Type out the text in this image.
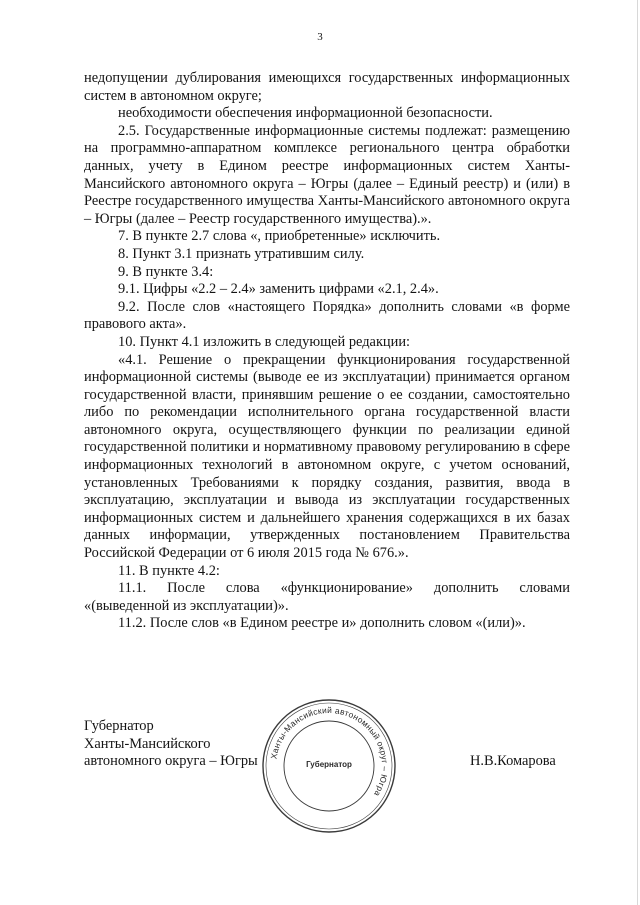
3

недопущении дублирования имеющихся государственных информационных систем в автономном округе;

необходимости обеспечения информационной безопасности.

2.5. Государственные информационные системы подлежат: размещению на программно-аппаратном комплексе регионального центра обработки данных, учету в Едином реестре информационных систем Ханты-Мансийского автономного округа – Югры (далее – Единый реестр) и (или) в Реестре государственного имущества Ханты-Мансийского автономного округа – Югры (далее – Реестр государственного имущества).».

7. В пункте 2.7 слова «, приобретенные» исключить.

8. Пункт 3.1 признать утратившим силу.

9. В пункте 3.4:

9.1. Цифры «2.2 – 2.4» заменить цифрами «2.1, 2.4».

9.2. После слов «настоящего Порядка» дополнить словами «в форме правового акта».

10. Пункт 4.1 изложить в следующей редакции:

«4.1. Решение о прекращении функционирования государственной информационной системы (выводе ее из эксплуатации) принимается органом государственной власти, принявшим решение о ее создании, самостоятельно либо по рекомендации исполнительного органа государственной власти автономного округа, осуществляющего функции по реализации единой государственной политики и нормативному правовому регулированию в сфере информационных технологий в автономном округе, с учетом оснований, установленных Требованиями к порядку создания, развития, ввода в эксплуатацию, эксплуатации и вывода из эксплуатации государственных информационных систем и дальнейшего хранения содержащихся в их базах данных информации, утвержденных постановлением Правительства Российской Федерации от 6 июля 2015 года № 676.».

11. В пункте 4.2:

11.1. После слова «функционирование» дополнить словами «(выведенной из эксплуатации)».

11.2. После слов «в Едином реестре и» дополнить словом «(или)».

Губернатор
Ханты-Мансийского
автономного округа – Югры Ханты-Мансийский автономный округ – Югра
Губернатор	Н.В.Комарова
